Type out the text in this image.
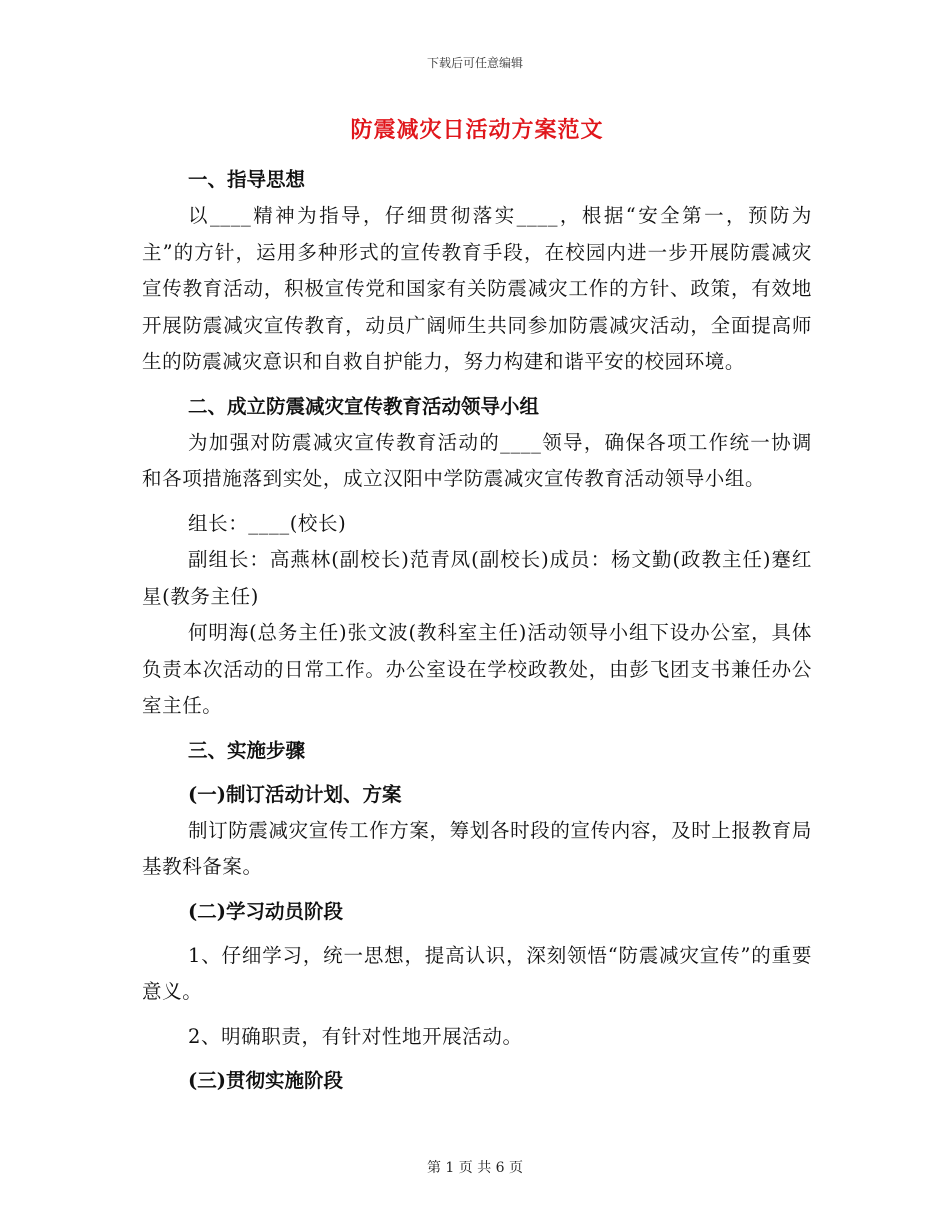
下载后可任意编辑
防震减灾日活动方案范文

一、指导思想

以____精神为指导，仔细贯彻落实____，根据“安全第一，预防为主”的方针，运用多种形式的宣传教育手段，在校园内进一步开展防震减灾宣传教育活动，积极宣传党和国家有关防震减灾工作的方针、政策，有效地开展防震减灾宣传教育，动员广阔师生共同参加防震减灾活动，全面提高师生的防震减灾意识和自救自护能力，努力构建和谐平安的校园环境。

二、成立防震减灾宣传教育活动领导小组

为加强对防震减灾宣传教育活动的____领导，确保各项工作统一协调和各项措施落到实处，成立汉阳中学防震减灾宣传教育活动领导小组。

组长：____(校长)

副组长：高燕林(副校长)范青凤(副校长)成员：杨文勤(政教主任)蹇红星(教务主任)

何明海(总务主任)张文波(教科室主任)活动领导小组下设办公室，具体负责本次活动的日常工作。办公室设在学校政教处，由彭飞团支书兼任办公室主任。

三、实施步骤

(一)制订活动计划、方案

制订防震减灾宣传工作方案，筹划各时段的宣传内容，及时上报教育局基教科备案。

(二)学习动员阶段

1、仔细学习，统一思想，提高认识，深刻领悟“防震减灾宣传”的重要意义。

2、明确职责，有针对性地开展活动。

(三)贯彻实施阶段

第 1 页 共 6 页
